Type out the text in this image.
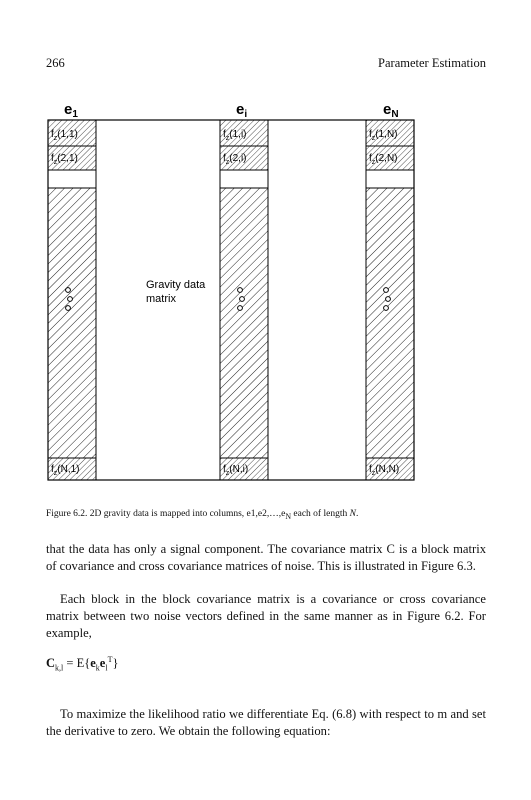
266	Parameter Estimation
$e_1$	$e_i$	$e_N$
$f_z(1,1)$
$f_z(2,1)$
$f_z(N,1)$
$f_z(1,i)$
$f_z(2,i)$
$f_z(N,i)$
$f_z(1,N)$
$f_z(2,N)$
$f_z(N,N)$
Gravity data
matrix
Figure 6.2. 2D gravity data is mapped into columns, $e1,e2,\dots,e_N$ each of length N.
that the data has only a signal component. The covariance matrix C is a block matrix of covariance and cross covariance matrices of noise. This is illustrated in Figure 6.3.
Each block in the block covariance matrix is a covariance or cross covariance matrix between two noise vectors defined in the same manner as in Figure 6.2. For example,
$C_{k,l} = E\{e_ke_l^T\}$
To maximize the likelihood ratio we differentiate Eq. (6.8) with respect to m and set the derivative to zero. We obtain the following equation:
